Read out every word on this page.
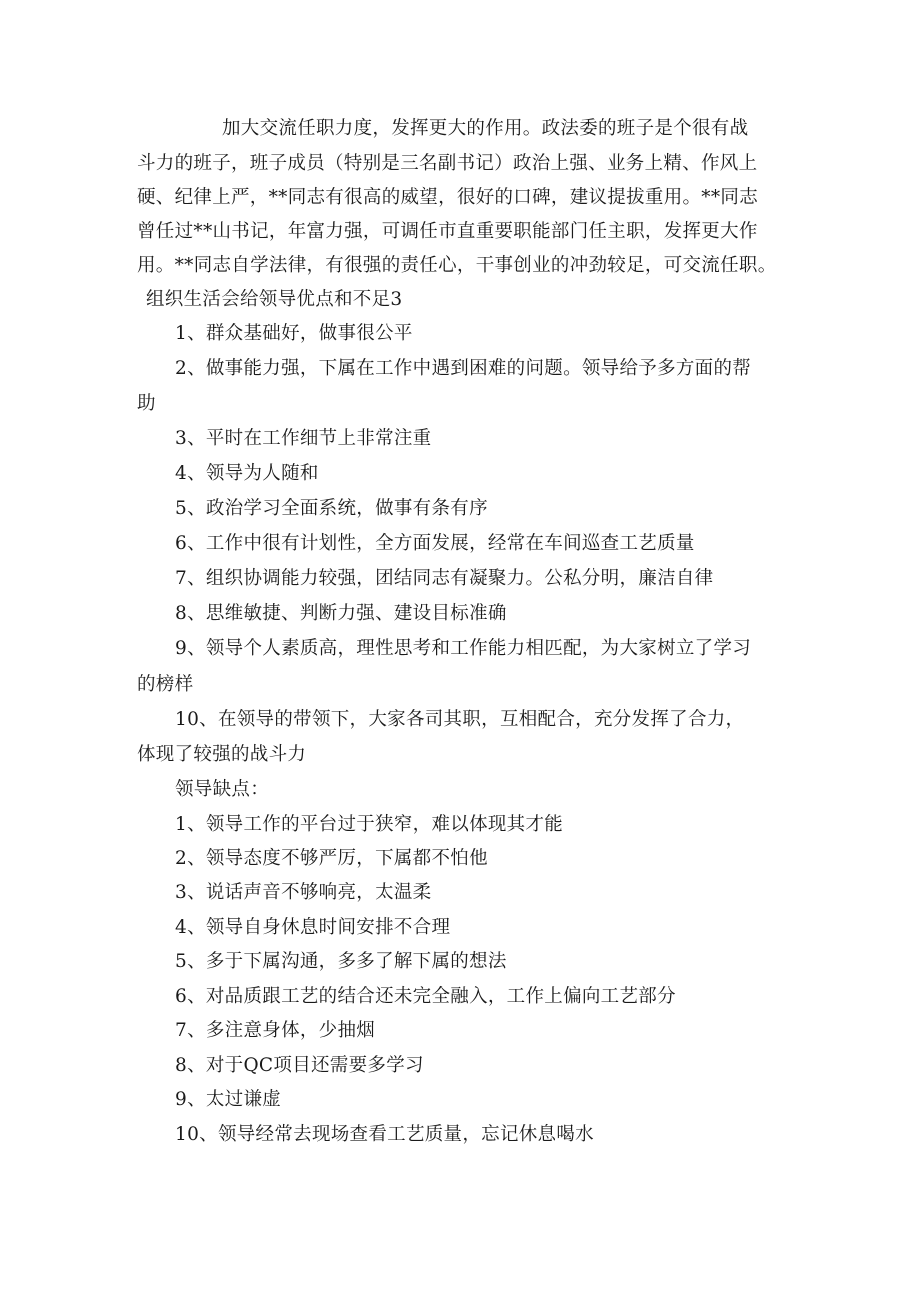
加大交流任职力度，发挥更大的作用。政法委的班子是个很有战
斗力的班子，班子成员（特别是三名副书记）政治上强、业务上精、作风上
硬、纪律上严，**同志有很高的威望，很好的口碑，建议提拔重用。**同志
曾任过**山书记，年富力强，可调任市直重要职能部门任主职，发挥更大作
用。**同志自学法律，有很强的责任心，干事创业的冲劲较足，可交流任职。
组织生活会给领导优点和不足3
1、群众基础好，做事很公平
2、做事能力强，下属在工作中遇到困难的问题。领导给予多方面的帮
助
3、平时在工作细节上非常注重
4、领导为人随和
5、政治学习全面系统，做事有条有序
6、工作中很有计划性，全方面发展，经常在车间巡查工艺质量
7、组织协调能力较强，团结同志有凝聚力。公私分明，廉洁自律
8、思维敏捷、判断力强、建设目标准确
9、领导个人素质高，理性思考和工作能力相匹配，为大家树立了学习
的榜样
10、在领导的带领下，大家各司其职，互相配合，充分发挥了合力，
体现了较强的战斗力
领导缺点：
1、领导工作的平台过于狭窄，难以体现其才能
2、领导态度不够严厉，下属都不怕他
3、说话声音不够响亮，太温柔
4、领导自身休息时间安排不合理
5、多于下属沟通，多多了解下属的想法
6、对品质跟工艺的结合还未完全融入，工作上偏向工艺部分
7、多注意身体，少抽烟
8、对于QC项目还需要多学习
9、太过谦虚
10、领导经常去现场查看工艺质量，忘记休息喝水
